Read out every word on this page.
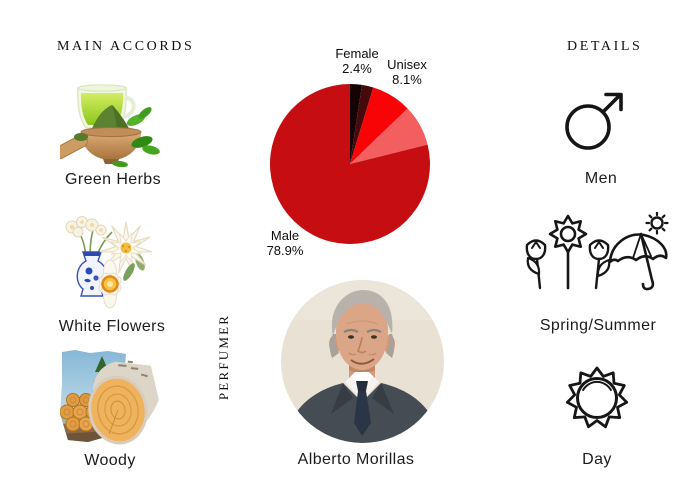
MAIN ACCORDS
Green Herbs
White Flowers
Woody
Female
2.4%	Unisex
8.1%
Male
78.9%
PERFUMER
Alberto Morillas
DETAILS
Men
Spring/Summer
Day
